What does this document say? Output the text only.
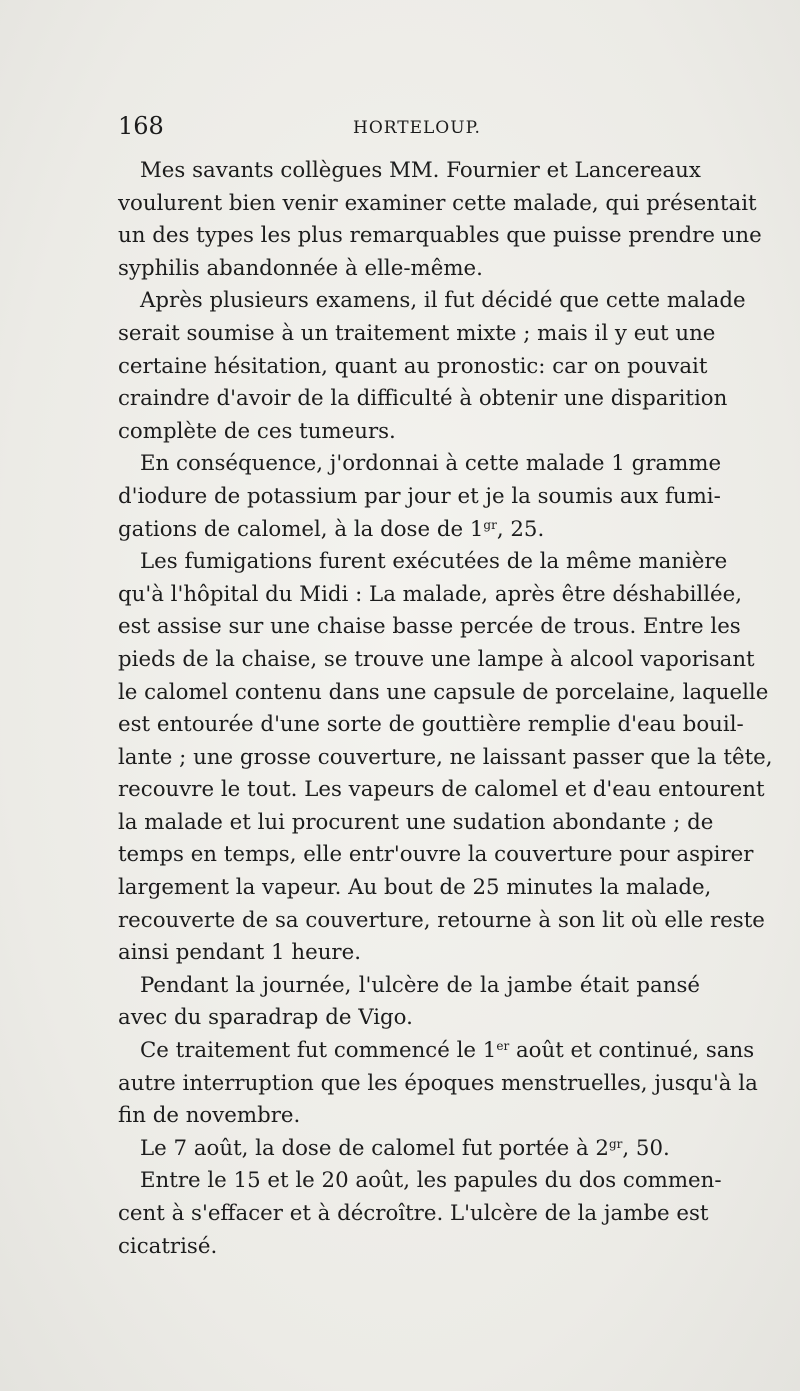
168	HORTELOUP.

Mes savants collègues MM. Fournier et Lancereaux
voulurent bien venir examiner cette malade, qui présentait
un des types les plus remarquables que puisse prendre une
syphilis abandonnée à elle-même.

Après plusieurs examens, il fut décidé que cette malade
serait soumise à un traitement mixte ; mais il y eut une
certaine hésitation, quant au pronostic: car on pouvait
craindre d'avoir de la difficulté à obtenir une disparition
complète de ces tumeurs.

En conséquence, j'ordonnai à cette malade 1 gramme
d'iodure de potassium par jour et je la soumis aux fumi-
gations de calomel, à la dose de $1^{gr}$, 25.

Les fumigations furent exécutées de la même manière
qu'à l'hôpital du Midi : La malade, après être déshabillée,
est assise sur une chaise basse percée de trous. Entre les
pieds de la chaise, se trouve une lampe à alcool vaporisant
le calomel contenu dans une capsule de porcelaine, laquelle
est entourée d'une sorte de gouttière remplie d'eau bouil-
lante ; une grosse couverture, ne laissant passer que la tête,
recouvre le tout. Les vapeurs de calomel et d'eau entourent
la malade et lui procurent une sudation abondante ; de
temps en temps, elle entr'ouvre la couverture pour aspirer
largement la vapeur. Au bout de 25 minutes la malade,
recouverte de sa couverture, retourne à son lit où elle reste
ainsi pendant 1 heure.

Pendant la journée, l'ulcère de la jambe était pansé
avec du sparadrap de Vigo.

Ce traitement fut commencé le 1er août et continué, sans
autre interruption que les époques menstruelles, jusqu'à la
fin de novembre.

Le 7 août, la dose de calomel fut portée à $2^{gr}$, 50.

Entre le 15 et le 20 août, les papules du dos commen-
cent à s'effacer et à décroître. L'ulcère de la jambe est
cicatrisé.
